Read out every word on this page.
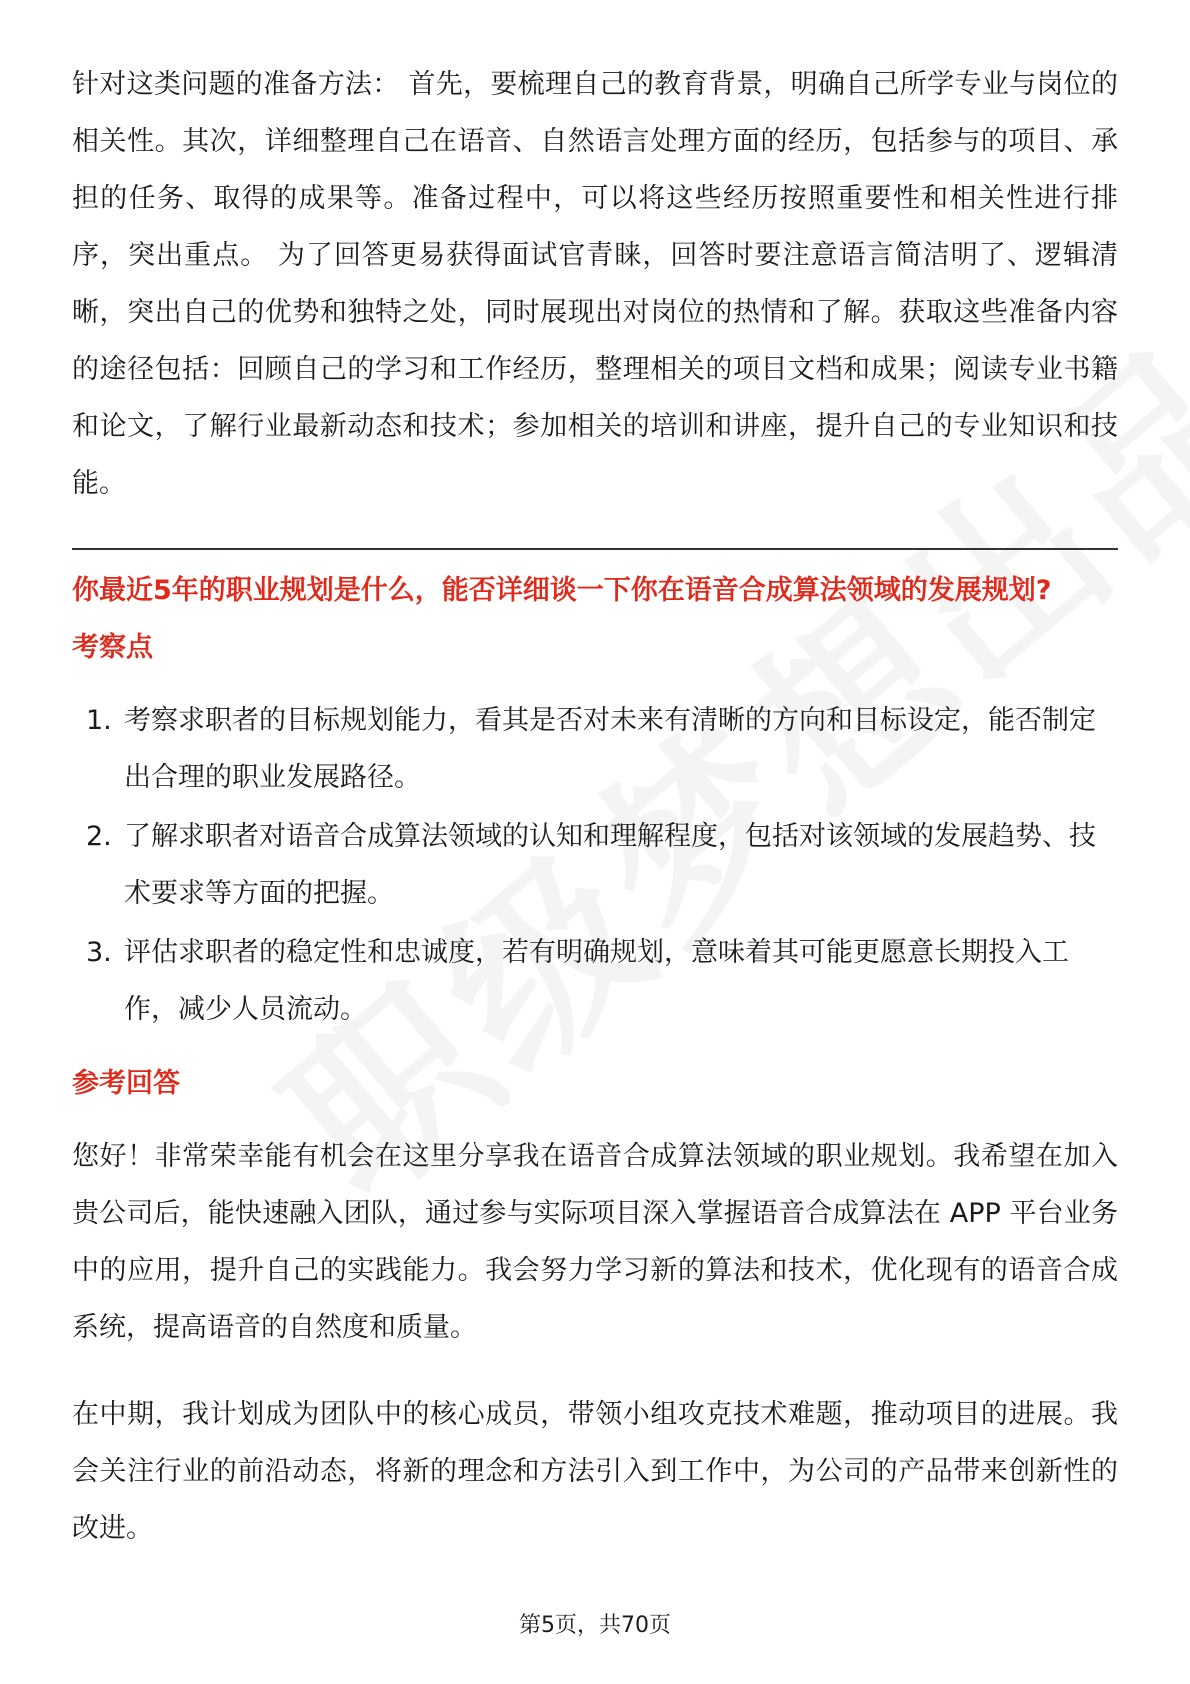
针对这类问题的准备方法： 首先，要梳理自己的教育背景，明确自己所学专业与岗位的相关性。其次，详细整理自己在语音、自然语言处理方面的经历，包括参与的项目、承担的任务、取得的成果等。准备过程中，可以将这些经历按照重要性和相关性进行排序，突出重点。 为了回答更易获得面试官青睐，回答时要注意语言简洁明了、逻辑清晰，突出自己的优势和独特之处，同时展现出对岗位的热情和了解。获取这些准备内容的途径包括：回顾自己的学习和工作经历，整理相关的项目文档和成果；阅读专业书籍和论文，了解行业最新动态和技术；参加相关的培训和讲座，提升自己的专业知识和技能。

你最近5年的职业规划是什么，能否详细谈一下你在语音合成算法领域的发展规划?

考察点
1. 考察求职者的目标规划能力，看其是否对未来有清晰的方向和目标设定，能否制定出合理的职业发展路径。
2. 了解求职者对语音合成算法领域的认知和理解程度，包括对该领域的发展趋势、技术要求等方面的把握。
3. 评估求职者的稳定性和忠诚度，若有明确规划，意味着其可能更愿意长期投入工作，减少人员流动。
参考回答

您好！非常荣幸能有机会在这里分享我在语音合成算法领域的职业规划。我希望在加入贵公司后，能快速融入团队，通过参与实际项目深入掌握语音合成算法在 APP 平台业务中的应用，提升自己的实践能力。我会努力学习新的算法和技术，优化现有的语音合成系统，提高语音的自然度和质量。

在中期，我计划成为团队中的核心成员，带领小组攻克技术难题，推动项目的进展。我会关注行业的前沿动态，将新的理念和方法引入到工作中，为公司的产品带来创新性的改进。

第5页，共70页
